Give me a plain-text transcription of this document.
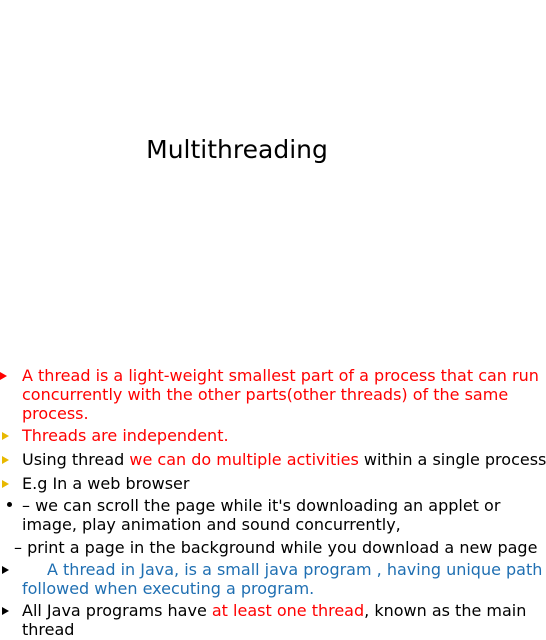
Multithreading
A thread is a light-weight smallest part of a process that can run
concurrently with the other parts(other threads) of the same
process.
Threads are independent.
Using thread we can do multiple activities within a single process
E.g In a web browser
– we can scroll the page while it's downloading an applet or
image, play animation and sound concurrently,
– print a page in the background while you download a new page
A thread in Java, is a small java program , having unique path
followed when executing a program.
All Java programs have at least one thread, known as the main
thread
